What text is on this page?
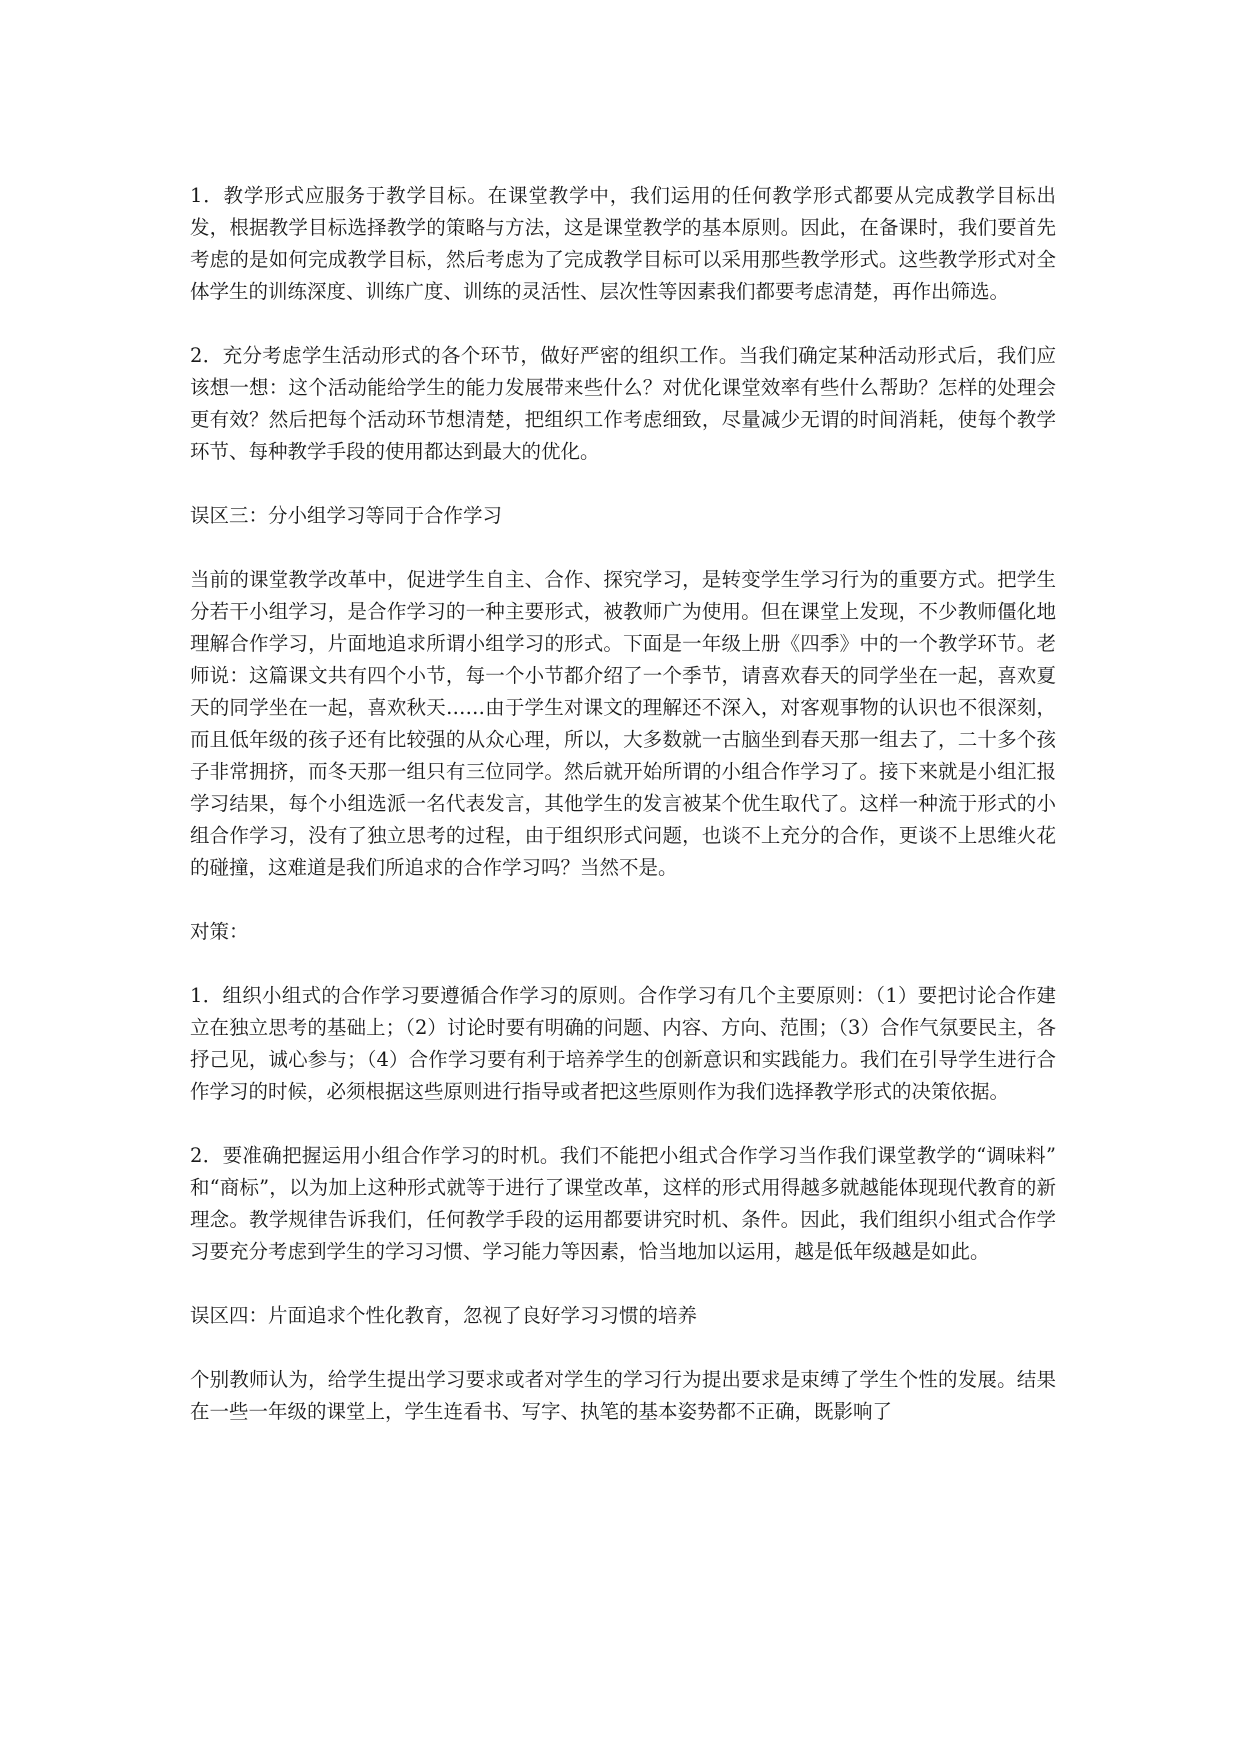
1．教学形式应服务于教学目标。在课堂教学中，我们运用的任何教学形式都要从完成教学目标出发，根据教学目标选择教学的策略与方法，这是课堂教学的基本原则。因此，在备课时，我们要首先考虑的是如何完成教学目标，然后考虑为了完成教学目标可以采用那些教学形式。这些教学形式对全体学生的训练深度、训练广度、训练的灵活性、层次性等因素我们都要考虑清楚，再作出筛选。

2．充分考虑学生活动形式的各个环节，做好严密的组织工作。当我们确定某种活动形式后，我们应该想一想：这个活动能给学生的能力发展带来些什么？对优化课堂效率有些什么帮助？怎样的处理会更有效？然后把每个活动环节想清楚，把组织工作考虑细致，尽量减少无谓的时间消耗，使每个教学环节、每种教学手段的使用都达到最大的优化。

误区三：分小组学习等同于合作学习

当前的课堂教学改革中，促进学生自主、合作、探究学习，是转变学生学习行为的重要方式。把学生分若干小组学习，是合作学习的一种主要形式，被教师广为使用。但在课堂上发现，不少教师僵化地理解合作学习，片面地追求所谓小组学习的形式。下面是一年级上册《四季》中的一个教学环节。老师说：这篇课文共有四个小节，每一个小节都介绍了一个季节，请喜欢春天的同学坐在一起，喜欢夏天的同学坐在一起，喜欢秋天……由于学生对课文的理解还不深入，对客观事物的认识也不很深刻，而且低年级的孩子还有比较强的从众心理，所以，大多数就一古脑坐到春天那一组去了，二十多个孩子非常拥挤，而冬天那一组只有三位同学。然后就开始所谓的小组合作学习了。接下来就是小组汇报学习结果，每个小组选派一名代表发言，其他学生的发言被某个优生取代了。这样一种流于形式的小组合作学习，没有了独立思考的过程，由于组织形式问题，也谈不上充分的合作，更谈不上思维火花的碰撞，这难道是我们所追求的合作学习吗？当然不是。

对策：

1．组织小组式的合作学习要遵循合作学习的原则。合作学习有几个主要原则：（1）要把讨论合作建立在独立思考的基础上；（2）讨论时要有明确的问题、内容、方向、范围；（3）合作气氛要民主，各抒己见，诚心参与；（4）合作学习要有利于培养学生的创新意识和实践能力。我们在引导学生进行合作学习的时候，必须根据这些原则进行指导或者把这些原则作为我们选择教学形式的决策依据。

2．要准确把握运用小组合作学习的时机。我们不能把小组式合作学习当作我们课堂教学的“调味料” 和“商标”，以为加上这种形式就等于进行了课堂改革，这样的形式用得越多就越能体现现代教育的新理念。教学规律告诉我们，任何教学手段的运用都要讲究时机、条件。因此，我们组织小组式合作学习要充分考虑到学生的学习习惯、学习能力等因素，恰当地加以运用，越是低年级越是如此。

误区四：片面追求个性化教育，忽视了良好学习习惯的培养

个别教师认为，给学生提出学习要求或者对学生的学习行为提出要求是束缚了学生个性的发展。结果在一些一年级的课堂上，学生连看书、写字、执笔的基本姿势都不正确，既影响了
